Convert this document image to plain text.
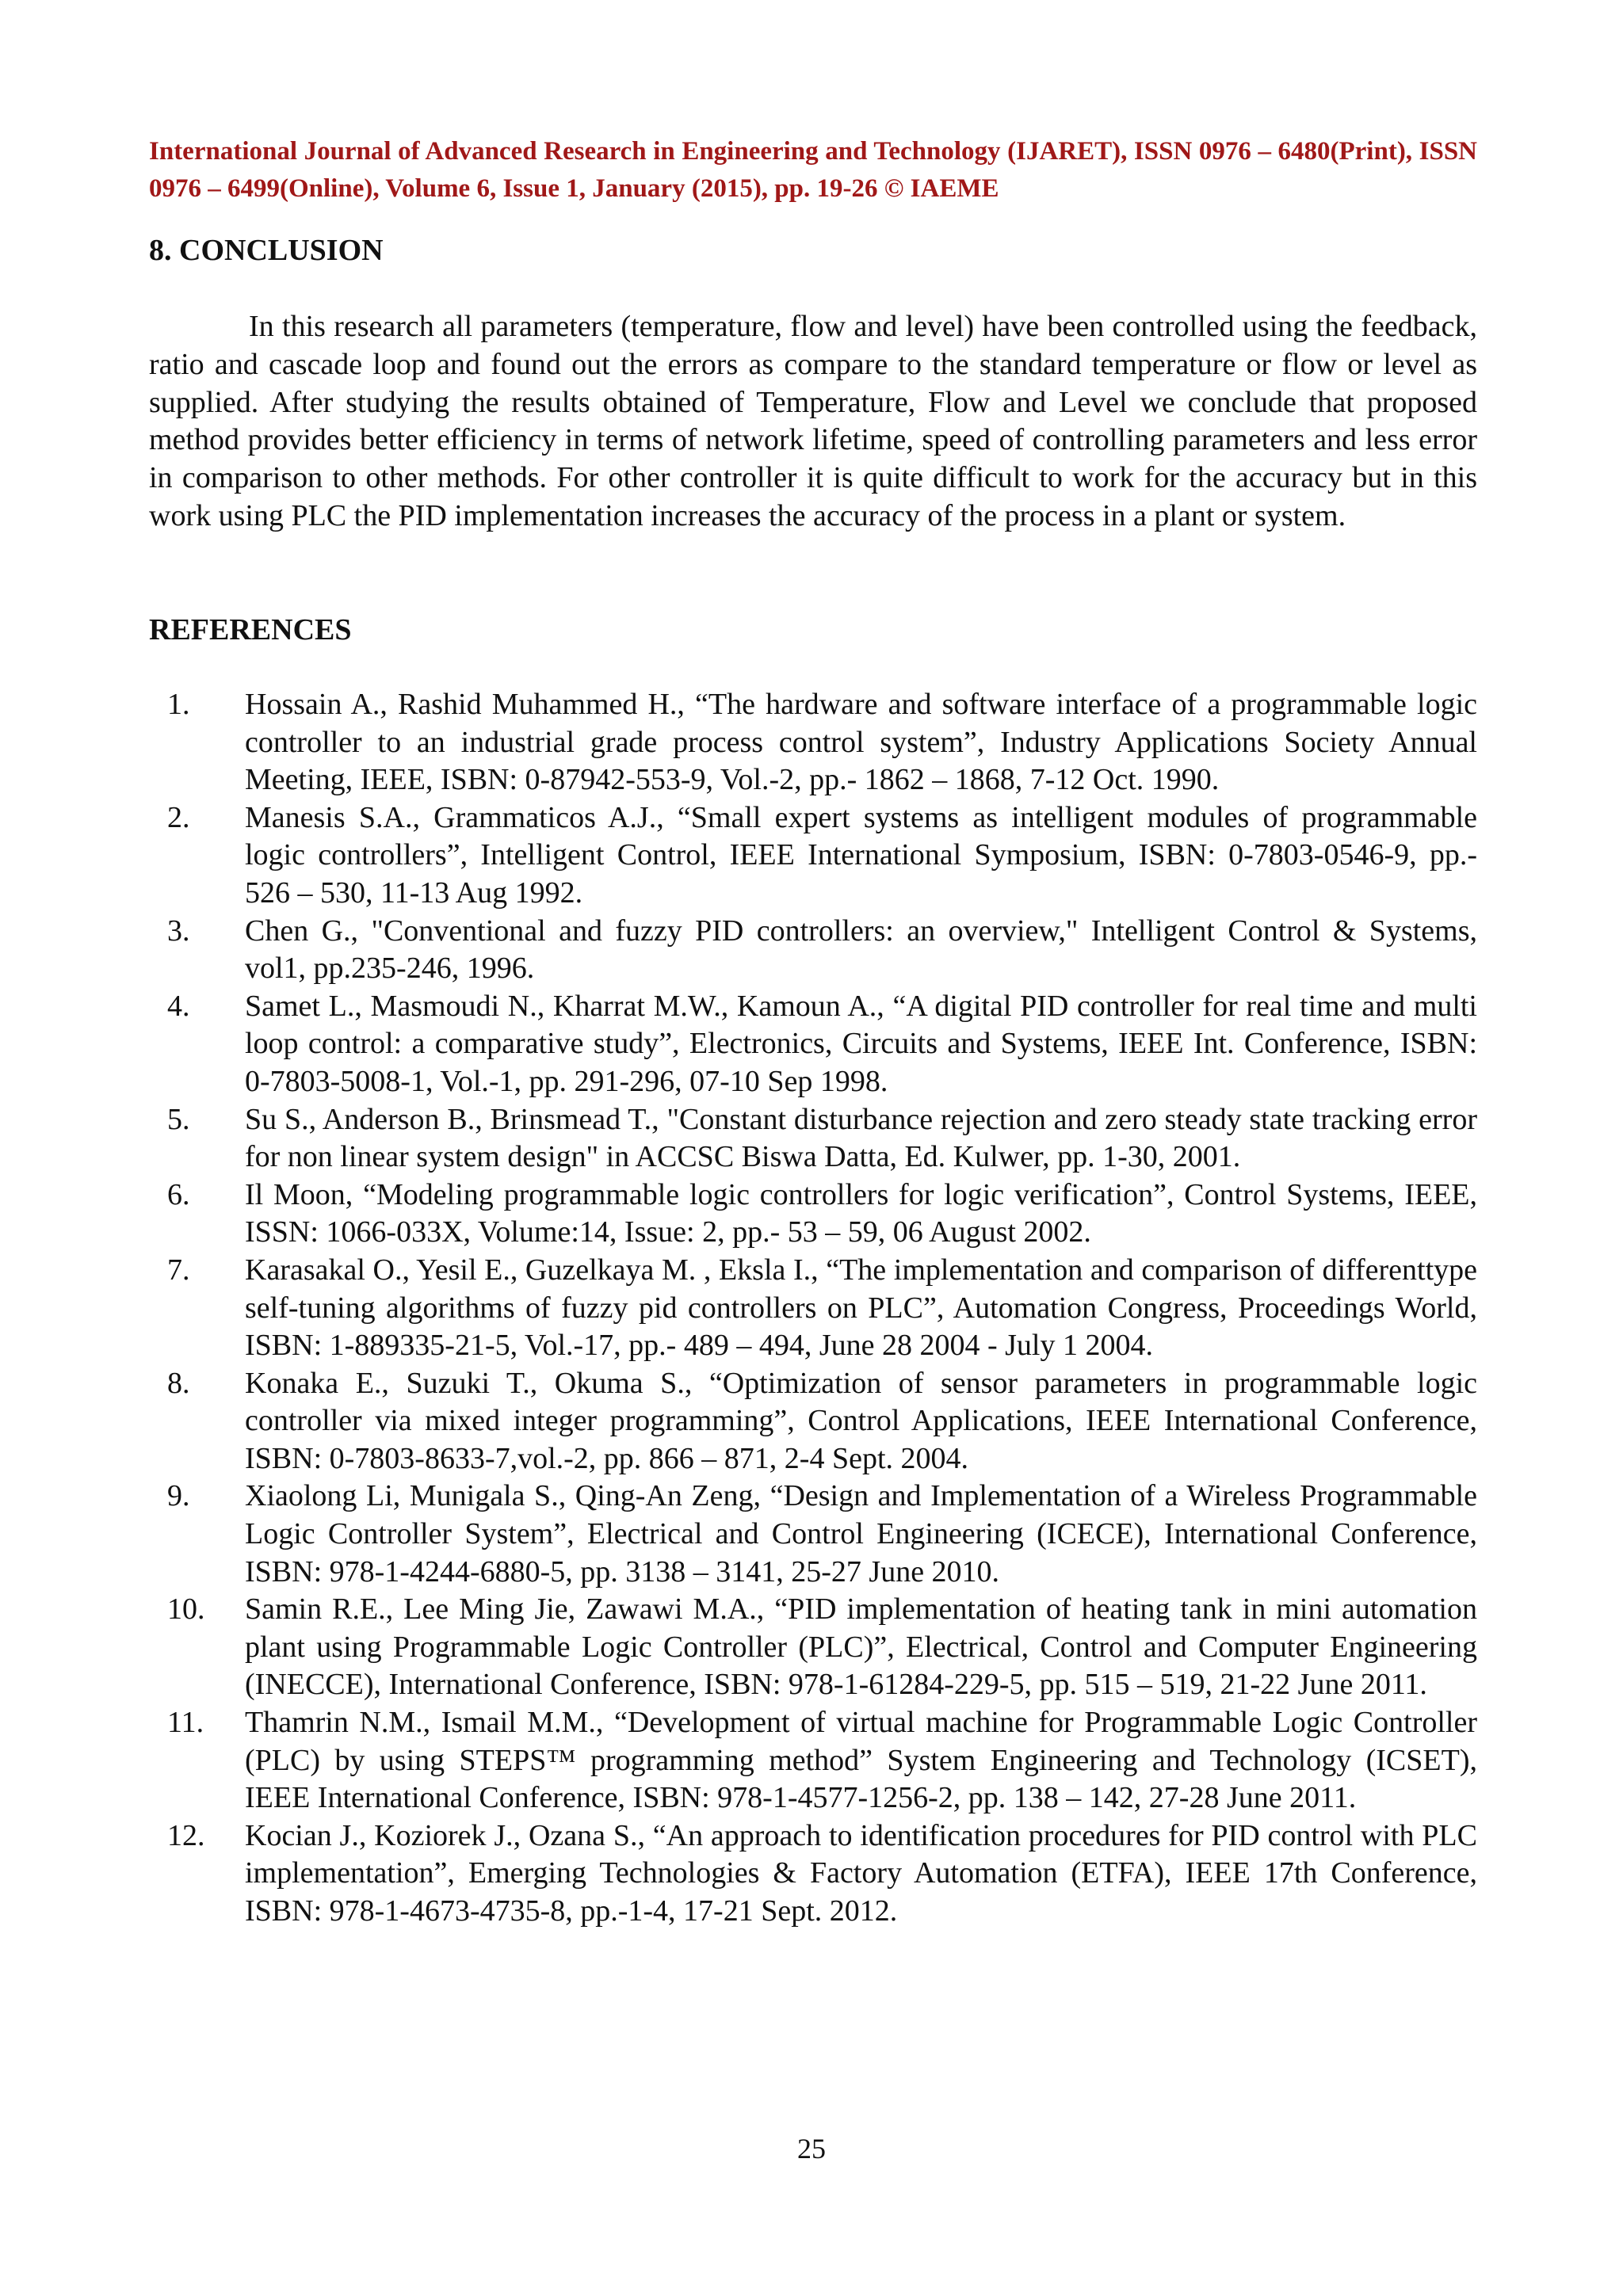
International Journal of Advanced Research in Engineering and Technology (IJARET), ISSN 0976 – 6480(Print), ISSN 0976 – 6499(Online), Volume 6, Issue 1, January (2015), pp. 19-26 © IAEME
8. CONCLUSION

In this research all parameters (temperature, flow and level) have been controlled using the feedback, ratio and cascade loop and found out the errors as compare to the standard temperature or flow or level as supplied. After studying the results obtained of Temperature, Flow and Level we conclude that proposed method provides better efficiency in terms of network lifetime, speed of controlling parameters and less error in comparison to other methods. For other controller it is quite difficult to work for the accuracy but in this work using PLC the PID implementation increases the accuracy of the process in a plant or system.

REFERENCES
1.	Hossain A., Rashid Muhammed H., “The hardware and software interface of a programmable logic controller to an industrial grade process control system”, Industry Applications Society Annual Meeting, IEEE, ISBN: 0-87942-553-9, Vol.-2, pp.- 1862 – 1868, 7-12 Oct. 1990.
2.	Manesis S.A., Grammaticos A.J., “Small expert systems as intelligent modules of programmable logic controllers”, Intelligent Control, IEEE International Symposium, ISBN: 0-7803-0546-9, pp.- 526 – 530, 11-13 Aug 1992.
3.	Chen G., "Conventional and fuzzy PID controllers: an overview," Intelligent Control & Systems, vol1, pp.235-246, 1996.
4.	Samet L., Masmoudi N., Kharrat M.W., Kamoun A., “A digital PID controller for real time and multi loop control: a comparative study”, Electronics, Circuits and Systems, IEEE Int. Conference, ISBN: 0-7803-5008-1, Vol.-1, pp. 291-296, 07-10 Sep 1998.
5.	Su S., Anderson B., Brinsmead T., "Constant disturbance rejection and zero steady state tracking error for non linear system design" in ACCSC Biswa Datta, Ed. Kulwer, pp. 1-30, 2001.
6.	Il Moon, “Modeling programmable logic controllers for logic verification”, Control Systems, IEEE, ISSN: 1066-033X, Volume:14, Issue: 2, pp.- 53 – 59, 06 August 2002.
7.	Karasakal O., Yesil E., Guzelkaya M. , Eksla I., “The implementation and comparison of differenttype self-tuning algorithms of fuzzy pid controllers on PLC”, Automation Congress, Proceedings World, ISBN: 1-889335-21-5, Vol.-17, pp.- 489 – 494, June 28 2004 - July 1 2004.
8.	Konaka E., Suzuki T., Okuma S., “Optimization of sensor parameters in programmable logic controller via mixed integer programming”, Control Applications, IEEE International Conference, ISBN: 0-7803-8633-7,vol.-2, pp. 866 – 871, 2-4 Sept. 2004.
9.	Xiaolong Li, Munigala S., Qing-An Zeng, “Design and Implementation of a Wireless Programmable Logic Controller System”, Electrical and Control Engineering (ICECE), International Conference, ISBN: 978-1-4244-6880-5, pp. 3138 – 3141, 25-27 June 2010.
10.	Samin R.E., Lee Ming Jie, Zawawi M.A., “PID implementation of heating tank in mini automation plant using Programmable Logic Controller (PLC)”, Electrical, Control and Computer Engineering (INECCE), International Conference, ISBN: 978-1-61284-229-5, pp. 515 – 519, 21-22 June 2011.
11.	Thamrin N.M., Ismail M.M., “Development of virtual machine for Programmable Logic Controller (PLC) by using STEPS™ programming method” System Engineering and Technology (ICSET), IEEE International Conference, ISBN: 978-1-4577-1256-2, pp. 138 – 142, 27-28 June 2011.
12.	Kocian J., Koziorek J., Ozana S., “An approach to identification procedures for PID control with PLC implementation”, Emerging Technologies & Factory Automation (ETFA), IEEE 17th Conference, ISBN: 978-1-4673-4735-8, pp.-1-4, 17-21 Sept. 2012.
25
